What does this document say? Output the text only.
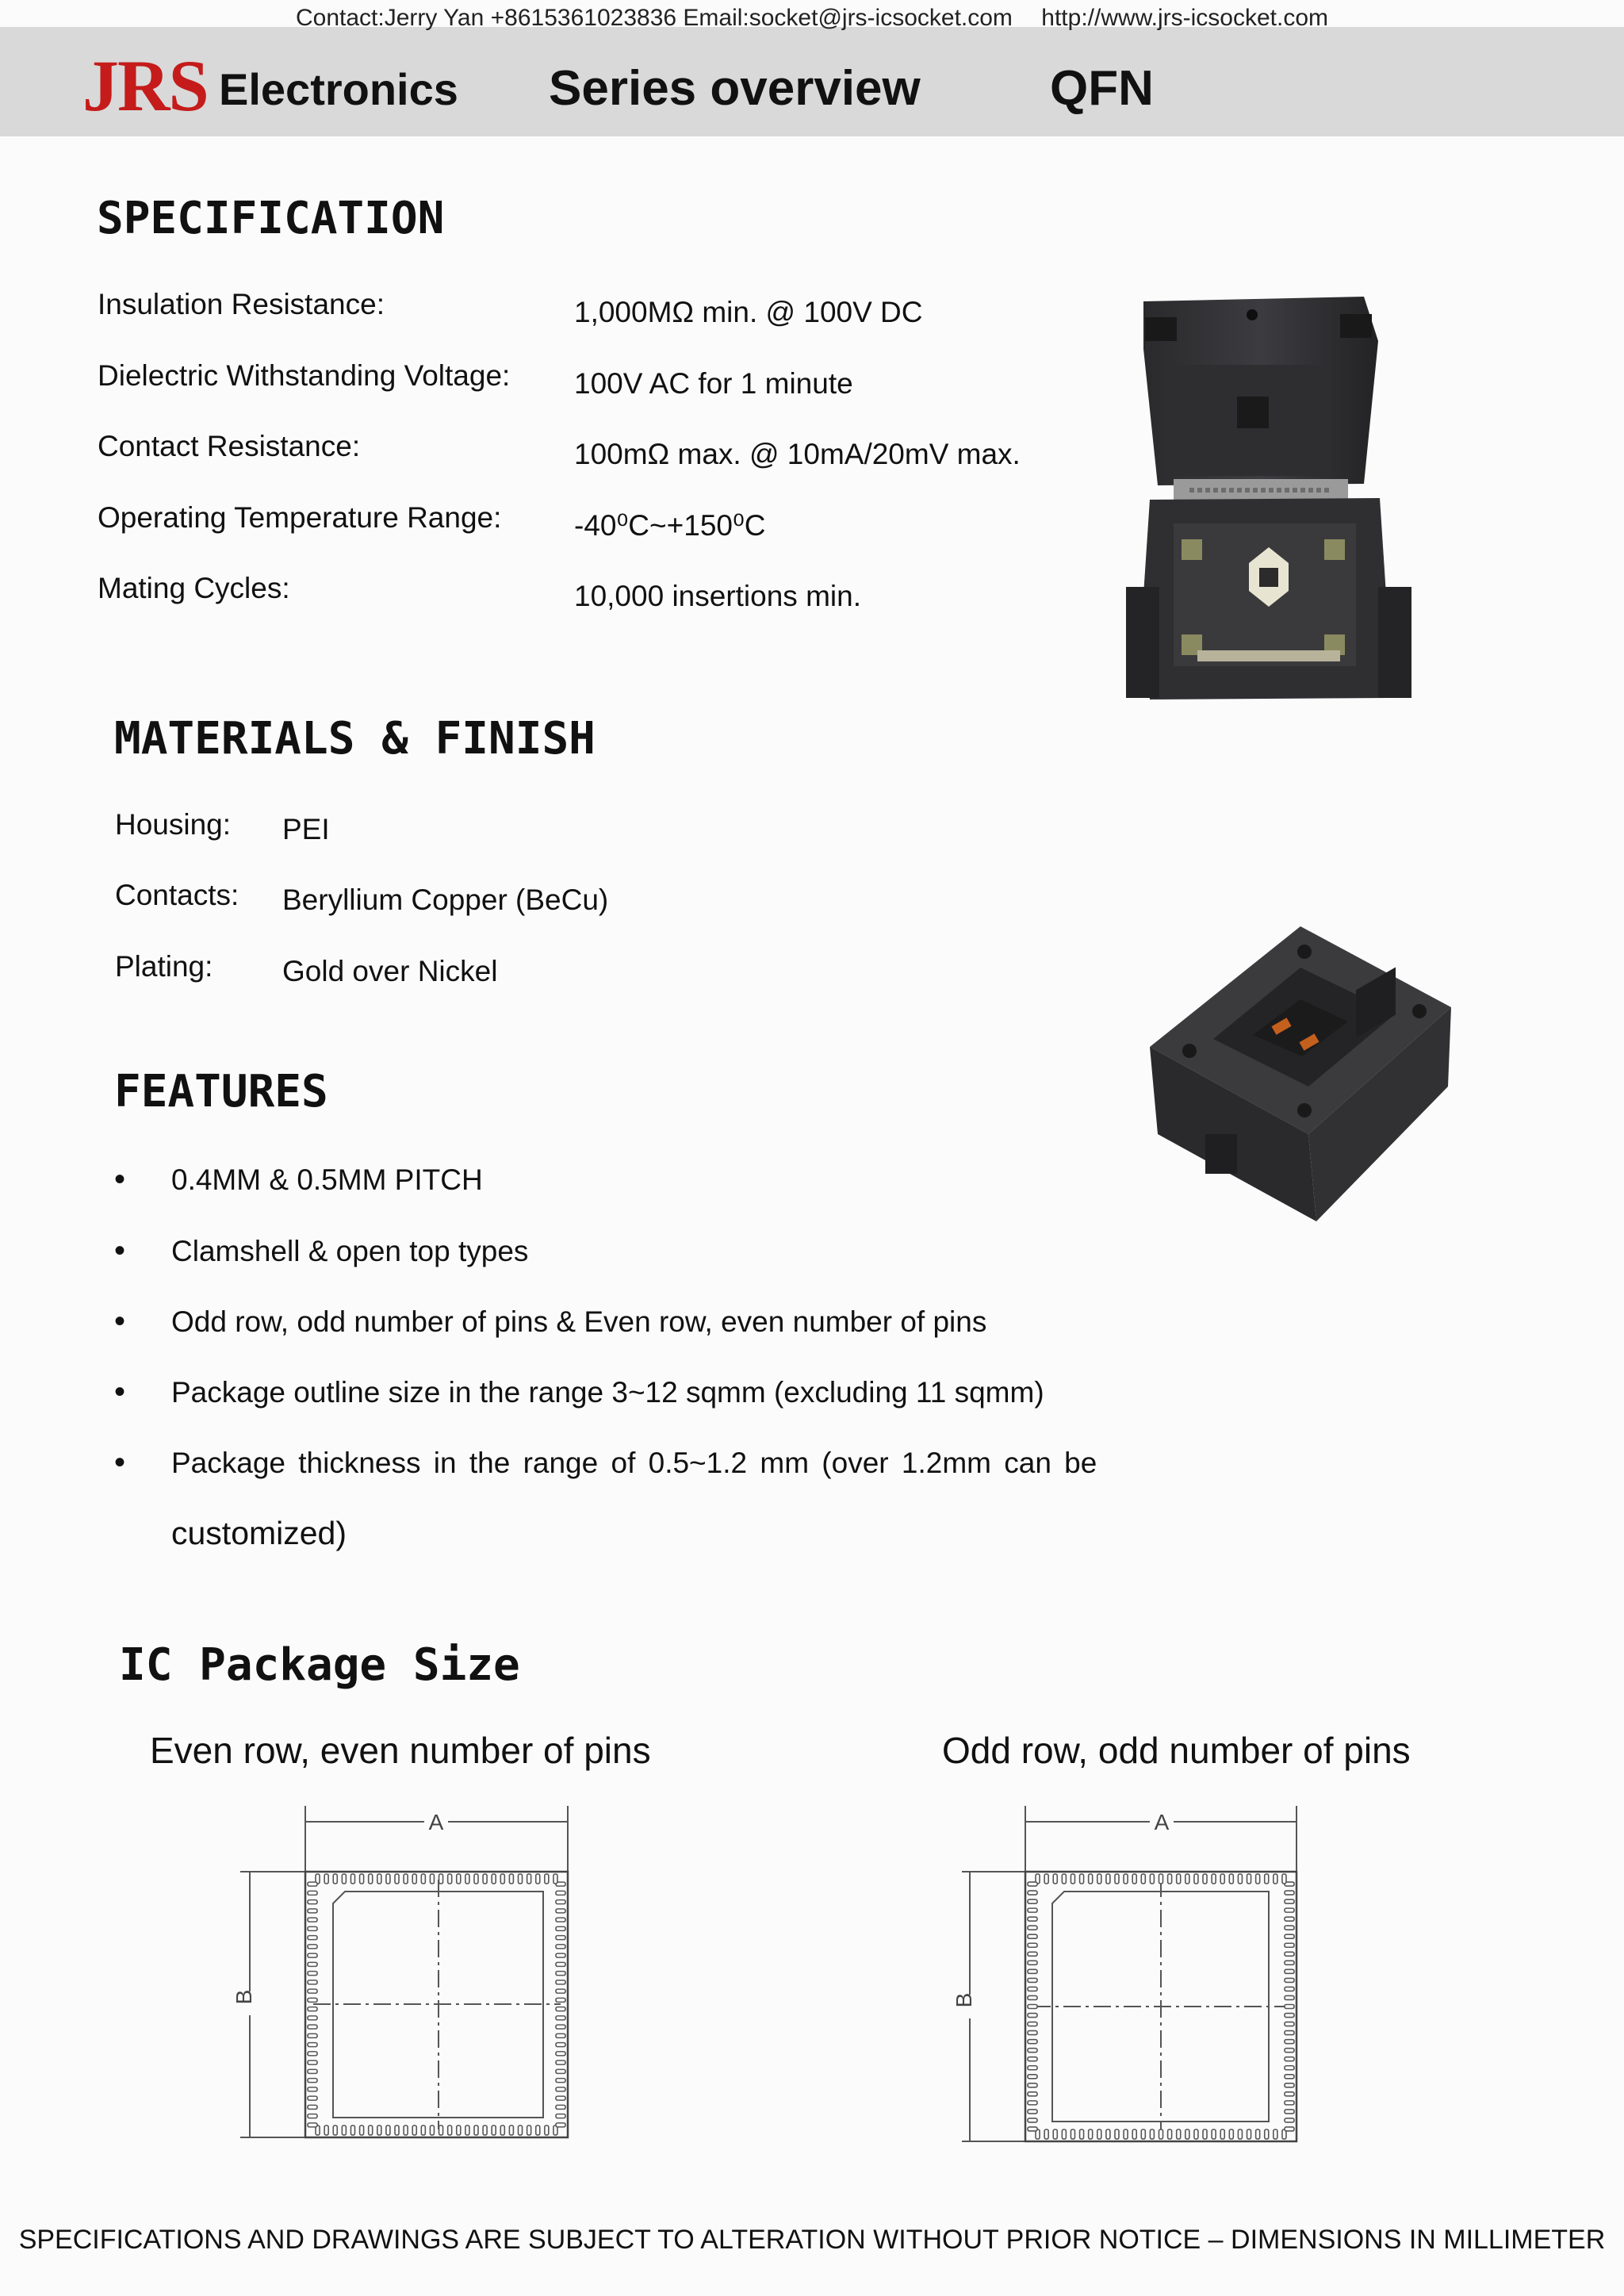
Contact:Jerry Yan +8615361023836 Email:socket@jrs-icsocket.com http://www.jrs-icsocket.com
JRS Electronics Series overview	QFN
SPECIFICATION
Insulation Resistance:	1,000MΩ min. @ 100V DC
Dielectric Withstanding Voltage: 100V AC for 1 minute
Contact Resistance:	100mΩ max. @ 10mA/20mV max.
Operating Temperature Range: -40⁰C~+150⁰C
Mating Cycles:	10,000 insertions min.
MATERIALS & FINISH
Housing: PEI
Contacts: Beryllium Copper (BeCu)
Plating: Gold over Nickel
FEATURES
• 0.4MM & 0.5MM PITCH
• Clamshell & open top types
• Odd row, odd number of pins & Even row, even number of pins
• Package outline size in the range 3~12 sqmm (excluding 11 sqmm)
• Package thickness in the range of 0.5~1.2 mm (over 1.2mm can be
customized)
IC Package Size
Even row, even number of pins	Odd row, odd number of pins
A
B
A
B
SPECIFICATIONS AND DRAWINGS ARE SUBJECT TO ALTERATION WITHOUT PRIOR NOTICE – DIMENSIONS IN MILLIMETER
